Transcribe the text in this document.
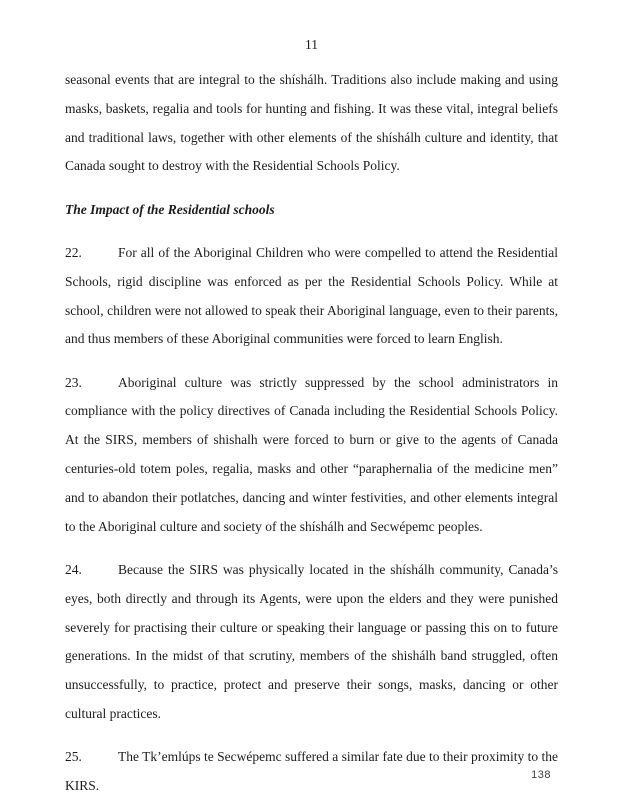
11

seasonal events that are integral to the shíshálh. Traditions also include making and using masks, baskets, regalia and tools for hunting and fishing. It was these vital, integral beliefs and traditional laws, together with other elements of the shíshálh culture and identity, that Canada sought to destroy with the Residential Schools Policy.

The Impact of the Residential schools

22.	For all of the Aboriginal Children who were compelled to attend the Residential Schools, rigid discipline was enforced as per the Residential Schools Policy. While at school, children were not allowed to speak their Aboriginal language, even to their parents, and thus members of these Aboriginal communities were forced to learn English.

23.	Aboriginal culture was strictly suppressed by the school administrators in compliance with the policy directives of Canada including the Residential Schools Policy. At the SIRS, members of shishalh were forced to burn or give to the agents of Canada centuries-old totem poles, regalia, masks and other “paraphernalia of the medicine men” and to abandon their potlatches, dancing and winter festivities, and other elements integral to the Aboriginal culture and society of the shíshálh and Secwépemc peoples.

24.	Because the SIRS was physically located in the shíshálh community, Canada’s eyes, both directly and through its Agents, were upon the elders and they were punished severely for practising their culture or speaking their language or passing this on to future generations. In the midst of that scrutiny, members of the shishálh band struggled, often unsuccessfully, to practice, protect and preserve their songs, masks, dancing or other cultural practices.

25.	The Tk’emlúps te Secwépemc suffered a similar fate due to their proximity to the KIRS.

138
